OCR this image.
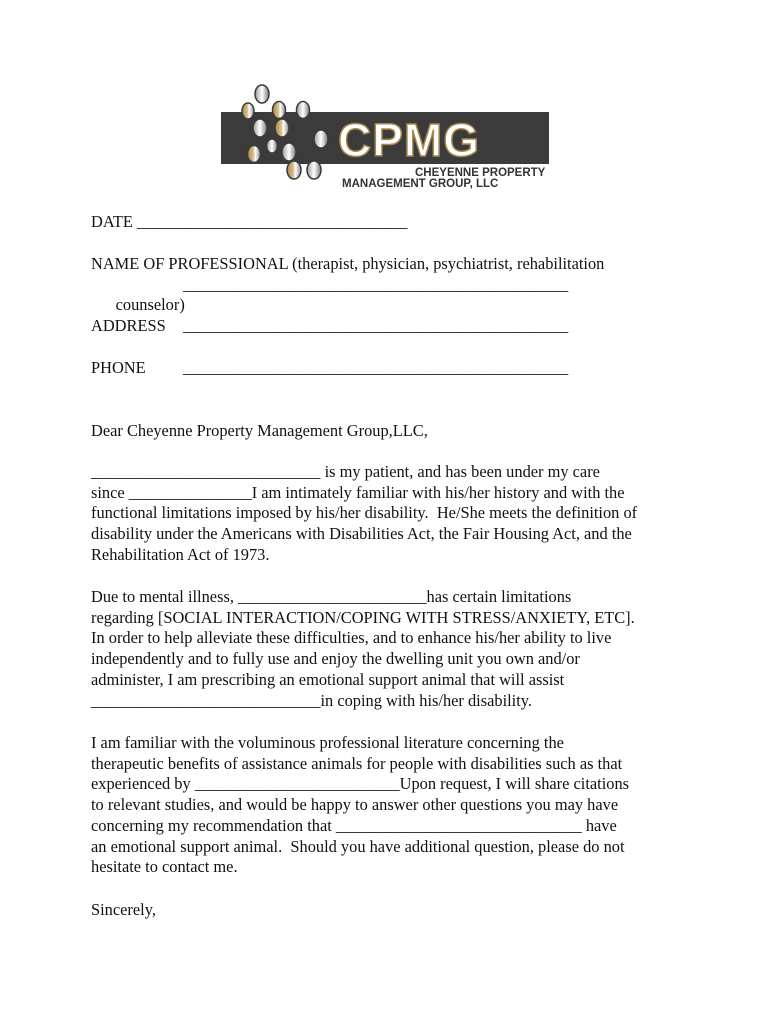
CPMG
CHEYENNE PROPERTY
MANAGEMENT GROUP, LLC
DATE _________________________________
NAME OF PROFESSIONAL (therapist, physician, psychiatrist, rehabilitation

counselor)

_______________________________________________

ADDRESS _______________________________________________
PHONE _______________________________________________
Dear Cheyenne Property Management Group,LLC,
____________________________ is my patient, and has been under my care
since _______________I am intimately familiar with his/her history and with the
functional limitations imposed by his/her disability.  He/She meets the definition of
disability under the Americans with Disabilities Act, the Fair Housing Act, and the
Rehabilitation Act of 1973.
Due to mental illness, _______________________has certain limitations
regarding [SOCIAL INTERACTION/COPING WITH STRESS/ANXIETY, ETC].
In order to help alleviate these difficulties, and to enhance his/her ability to live
independently and to fully use and enjoy the dwelling unit you own and/or
administer, I am prescribing an emotional support animal that will assist
____________________________in coping with his/her disability.
I am familiar with the voluminous professional literature concerning the
therapeutic benefits of assistance animals for people with disabilities such as that
experienced by _________________________Upon request, I will share citations
to relevant studies, and would be happy to answer other questions you may have
concerning my recommendation that ______________________________ have
an emotional support animal.  Should you have additional question, please do not
hesitate to contact me.
Sincerely,
